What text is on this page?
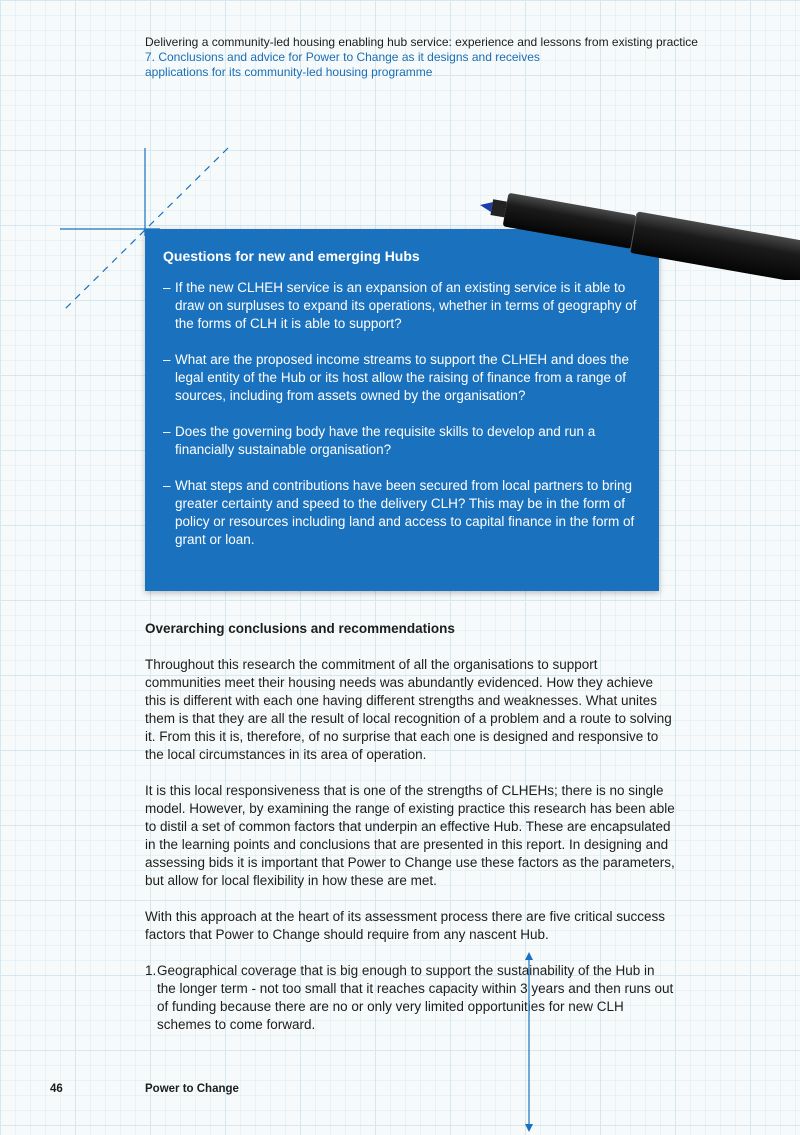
Delivering a community-led housing enabling hub service: experience and lessons from existing practice
7. Conclusions and advice for Power to Change as it designs and receives applications for its community-led housing programme
Questions for new and emerging Hubs
– If the new CLHEH service is an expansion of an existing service is it able to draw on surpluses to expand its operations, whether in terms of geography of the forms of CLH it is able to support?
– What are the proposed income streams to support the CLHEH and does the legal entity of the Hub or its host allow the raising of finance from a range of sources, including from assets owned by the organisation?
– Does the governing body have the requisite skills to develop and run a financially sustainable organisation?
– What steps and contributions have been secured from local partners to bring greater certainty and speed to the delivery CLH? This may be in the form of policy or resources including land and access to capital finance in the form of grant or loan.
Overarching conclusions and recommendations

Throughout this research the commitment of all the organisations to support communities meet their housing needs was abundantly evidenced. How they achieve this is different with each one having different strengths and weaknesses. What unites them is that they are all the result of local recognition of a problem and a route to solving it. From this it is, therefore, of no surprise that each one is designed and responsive to the local circumstances in its area of operation.

It is this local responsiveness that is one of the strengths of CLHEHs; there is no single model. However, by examining the range of existing practice this research has been able to distil a set of common factors that underpin an effective Hub. These are encapsulated in the learning points and conclusions that are presented in this report. In designing and assessing bids it is important that Power to Change use these factors as the parameters, but allow for local flexibility in how these are met.

With this approach at the heart of its assessment process there are five critical success factors that Power to Change should require from any nascent Hub.

1. Geographical coverage that is big enough to support the sustainability of the Hub in the longer term - not too small that it reaches capacity within 3 years and then runs out of funding because there are no or only very limited opportunities for new CLH schemes to come forward.
46	Power to Change
